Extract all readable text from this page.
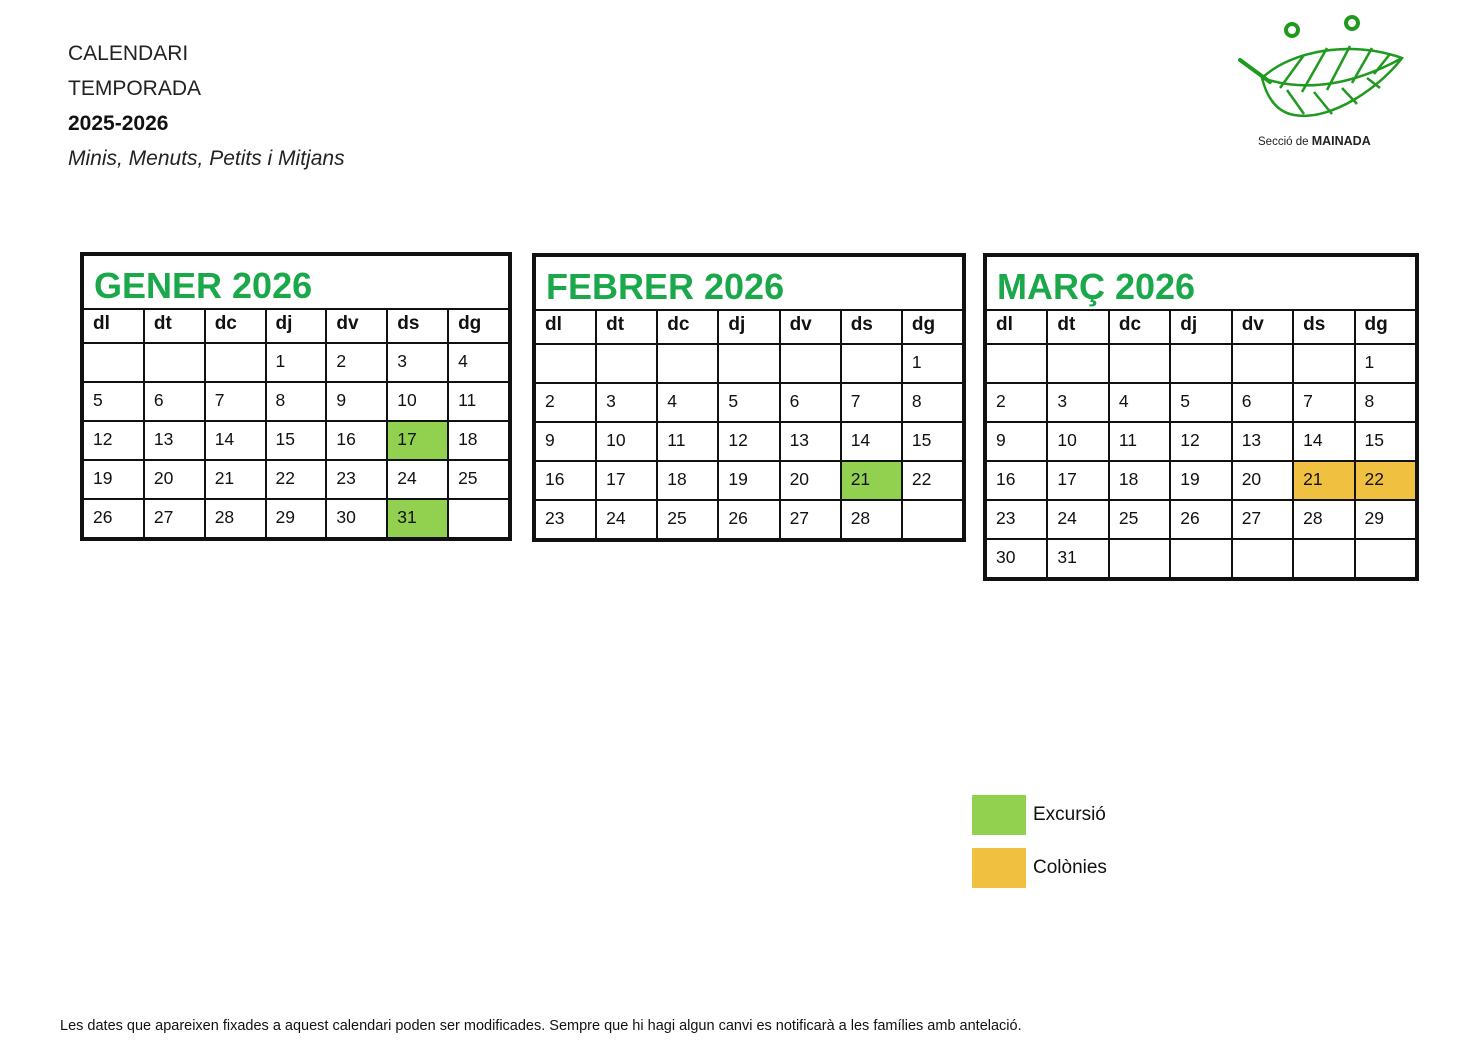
CALENDARI
TEMPORADA
2025-2026
Minis, Menuts, Petits i Mitjans
Secció de MAINADA
GENER 2026						
dl	dt	dc	dj	dv	ds	dg
			1	2	3	4
5	6	7	8	9	10	11
12	13	14	15	16	17	18
19	20	21	22	23	24	25
26	27	28	29	30	31	
FEBRER 2026						
dl	dt	dc	dj	dv	ds	dg
						1
2	3	4	5	6	7	8
9	10	11	12	13	14	15
16	17	18	19	20	21	22
23	24	25	26	27	28	
MARÇ 2026						
dl	dt	dc	dj	dv	ds	dg
						1
2	3	4	5	6	7	8
9	10	11	12	13	14	15
16	17	18	19	20	21	22
23	24	25	26	27	28	29
30	31					
Excursió
Colònies
Les dates que apareixen fixades a aquest calendari poden ser modificades. Sempre que hi hagi algun canvi es notificarà a les famílies amb antelació.
